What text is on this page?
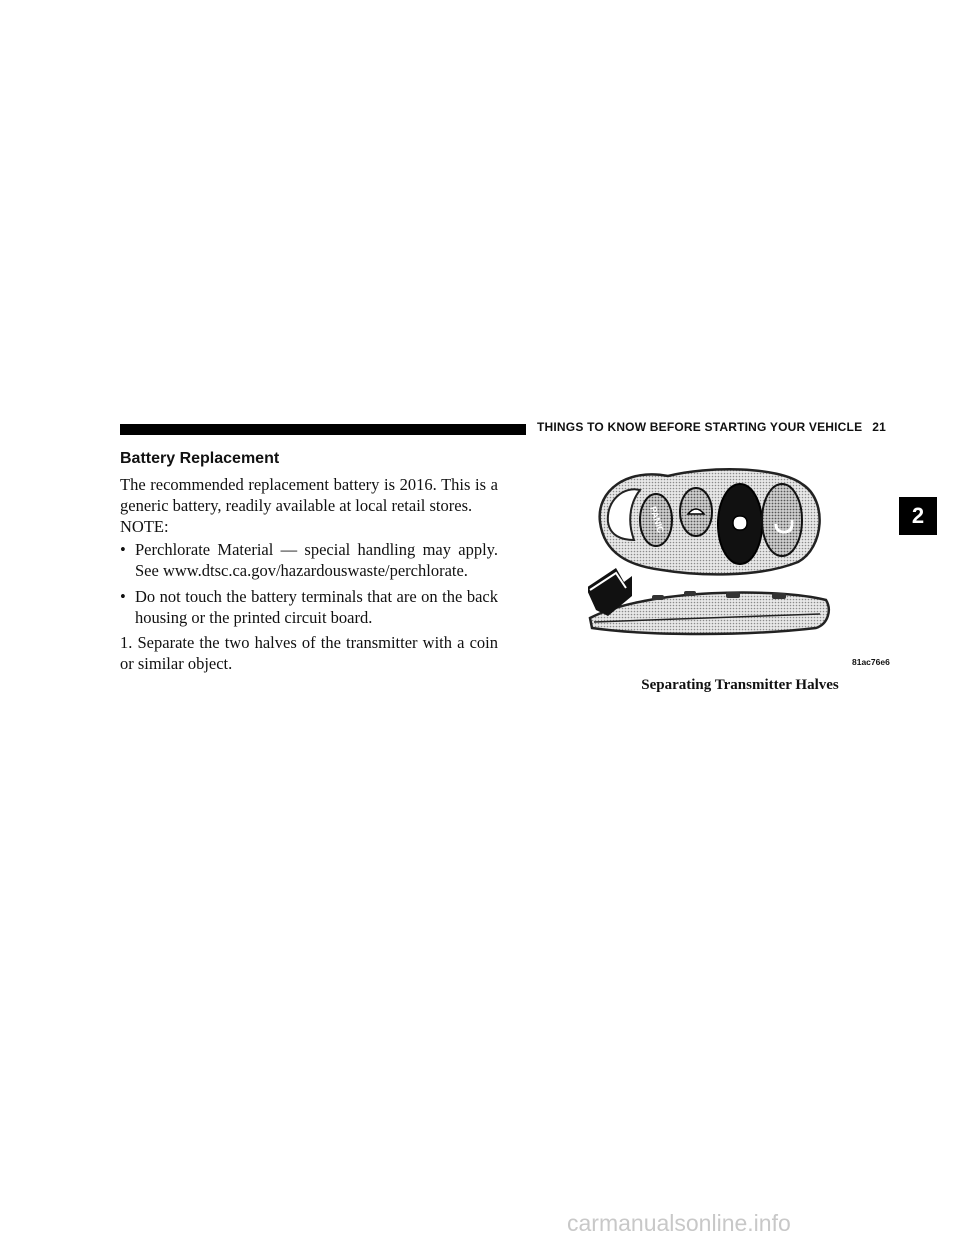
THINGS TO KNOW BEFORE STARTING YOUR VEHICLE 21
2
Battery Replacement
The recommended replacement battery is 2016. This is a generic battery, readily available at local retail stores.
NOTE:
• Perchlorate Material — special handling may apply. See www.dtsc.ca.gov/hazardouswaste/perchlorate.
• Do not touch the battery terminals that are on the back housing or the printed circuit board.
1. Separate the two halves of the transmitter with a coin or similar object.
PANIC
81ac76e6
Separating Transmitter Halves
carmanualsonline.info
